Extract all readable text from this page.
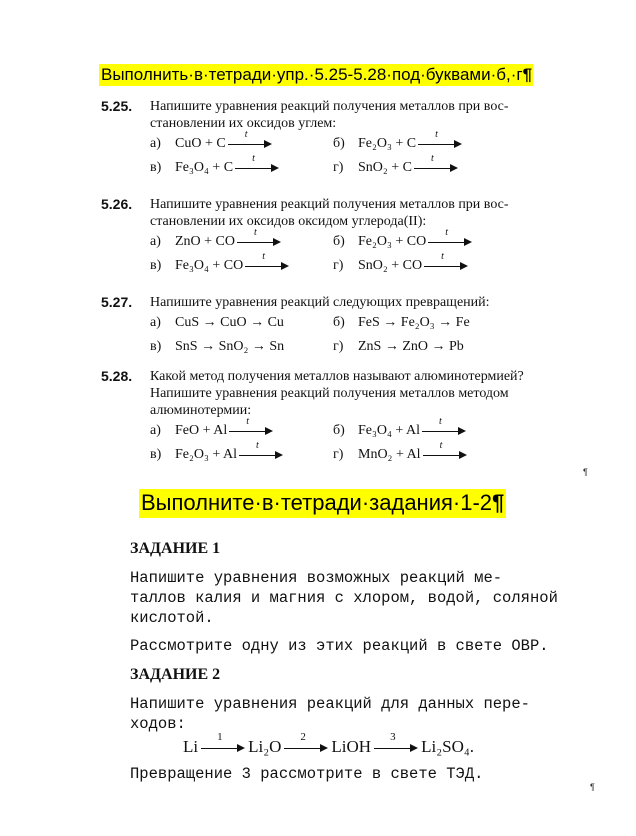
Выполнить·в·тетради·упр.·5.25-5.28·под·буквами·б,·г¶
5.25. Напишите уравнения реакций получения металлов при вос-
становлении их оксидов углем:
а) CuO + C
t
б) Fe₂O₃ + C
t
в) Fe₃O₄ + C
t
г) SnO₂ + C
t
5.26. Напишите уравнения реакций получения металлов при вос-
становлении их оксидов оксидом углерода(II):
а) ZnO + CO
t
б) Fe₂O₃ + CO
t
в) Fe₃O₄ + CO
t
г) SnO₂ + CO
t
5.27. Напишите уравнения реакций следующих превращений:
а) CuS → CuO → Cu	б) FeS → Fe₂O₃ → Fe
в) SnS → SnO₂ → Sn	г) ZnS → ZnO → Pb
5.28. Какой метод получения металлов называют алюминотермией?
Напишите уравнения реакций получения металлов методом
алюминотермии:
а) FeO + Al
t
б) Fe₃O₄ + Al
t
в) Fe₂O₃ + Al
t
г) MnO₂ + Al
t
¶
Выполните·в·тетради·задания·1-2¶
ЗАДАНИЕ 1
Напишите уравнения возможных реакций ме-
таллов калия и магния с хлором, водой, соляной
кислотой.
Рассмотрите одну из этих реакций в свете ОВР.
ЗАДАНИЕ 2
Напишите уравнения реакций для данных пере-
ходов:
Li 1 Li₂O 2 LiOH 3 Li₂SO₄.
Превращение 3 рассмотрите в свете ТЭД.
¶
